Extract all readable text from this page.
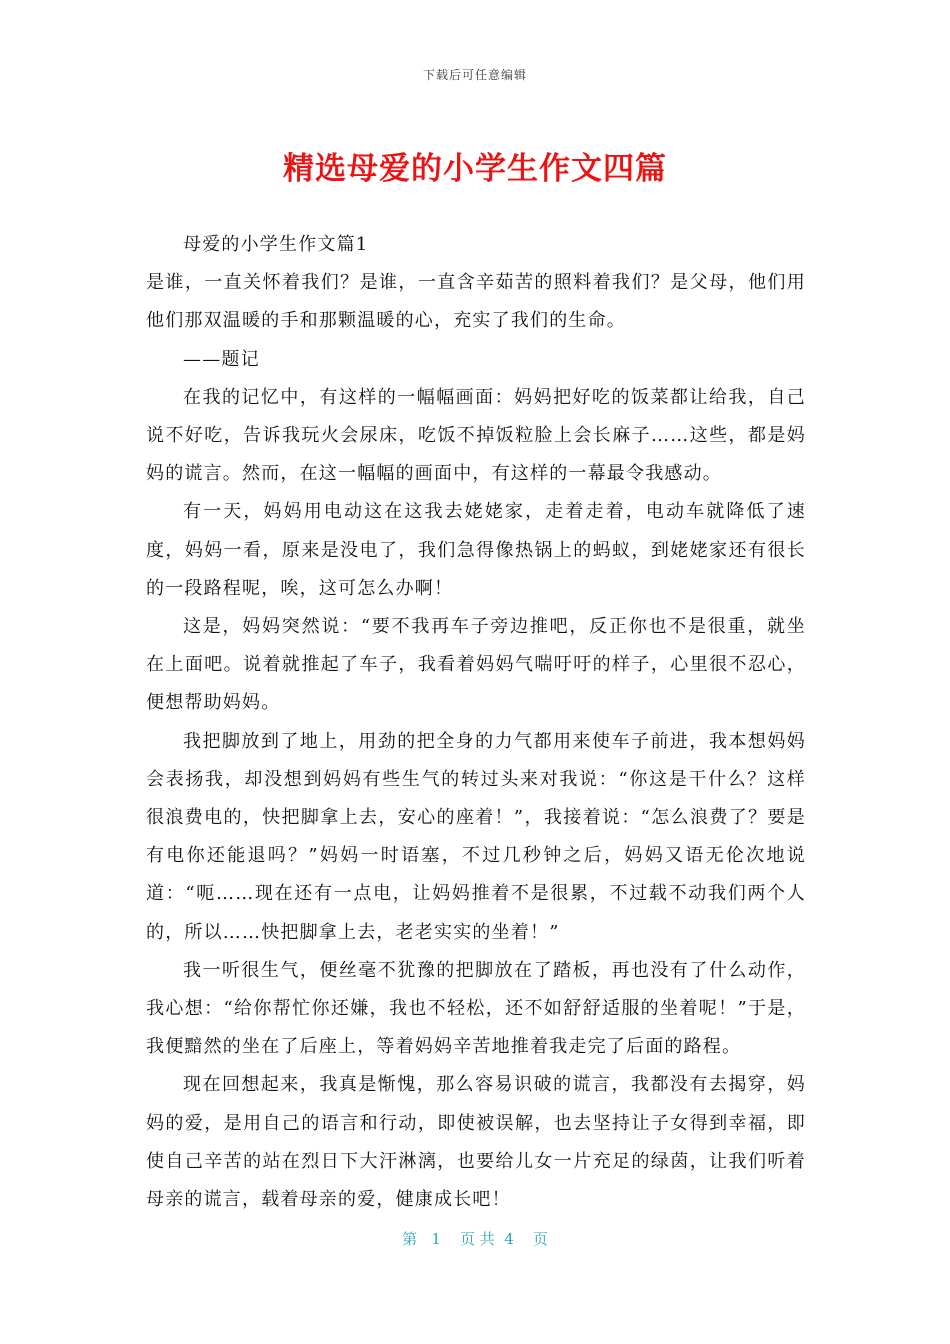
下载后可任意编辑
精选母爱的小学生作文四篇

母爱的小学生作文篇1

是谁，一直关怀着我们？是谁，一直含辛茹苦的照料着我们？是父母，他们用他们那双温暖的手和那颗温暖的心，充实了我们的生命。

——题记

在我的记忆中，有这样的一幅幅画面：妈妈把好吃的饭菜都让给我，自己说不好吃，告诉我玩火会尿床，吃饭不掉饭粒脸上会长麻子……这些，都是妈妈的谎言。然而，在这一幅幅的画面中，有这样的一幕最令我感动。

有一天，妈妈用电动这在这我去姥姥家，走着走着，电动车就降低了速度，妈妈一看，原来是没电了，我们急得像热锅上的蚂蚁，到姥姥家还有很长的一段路程呢，唉，这可怎么办啊！

这是，妈妈突然说：“要不我再车子旁边推吧，反正你也不是很重，就坐在上面吧。说着就推起了车子，我看着妈妈气喘吁吁的样子，心里很不忍心，便想帮助妈妈。

我把脚放到了地上，用劲的把全身的力气都用来使车子前进，我本想妈妈会表扬我，却没想到妈妈有些生气的转过头来对我说：“你这是干什么？这样很浪费电的，快把脚拿上去，安心的座着！”，我接着说：“怎么浪费了？要是有电你还能退吗？”妈妈一时语塞，不过几秒钟之后，妈妈又语无伦次地说道：“呃……现在还有一点电，让妈妈推着不是很累，不过载不动我们两个人的，所以……快把脚拿上去，老老实实的坐着！”

我一听很生气，便丝毫不犹豫的把脚放在了踏板，再也没有了什么动作，我心想：“给你帮忙你还嫌，我也不轻松，还不如舒舒适服的坐着呢！”于是，我便黯然的坐在了后座上，等着妈妈辛苦地推着我走完了后面的路程。

现在回想起来，我真是惭愧，那么容易识破的谎言，我都没有去揭穿，妈妈的爱，是用自己的语言和行动，即使被误解，也去坚持让子女得到幸福，即使自己辛苦的站在烈日下大汗淋漓，也要给儿女一片充足的绿茵，让我们听着母亲的谎言，载着母亲的爱，健康成长吧！

第   1    页 共  4    页
